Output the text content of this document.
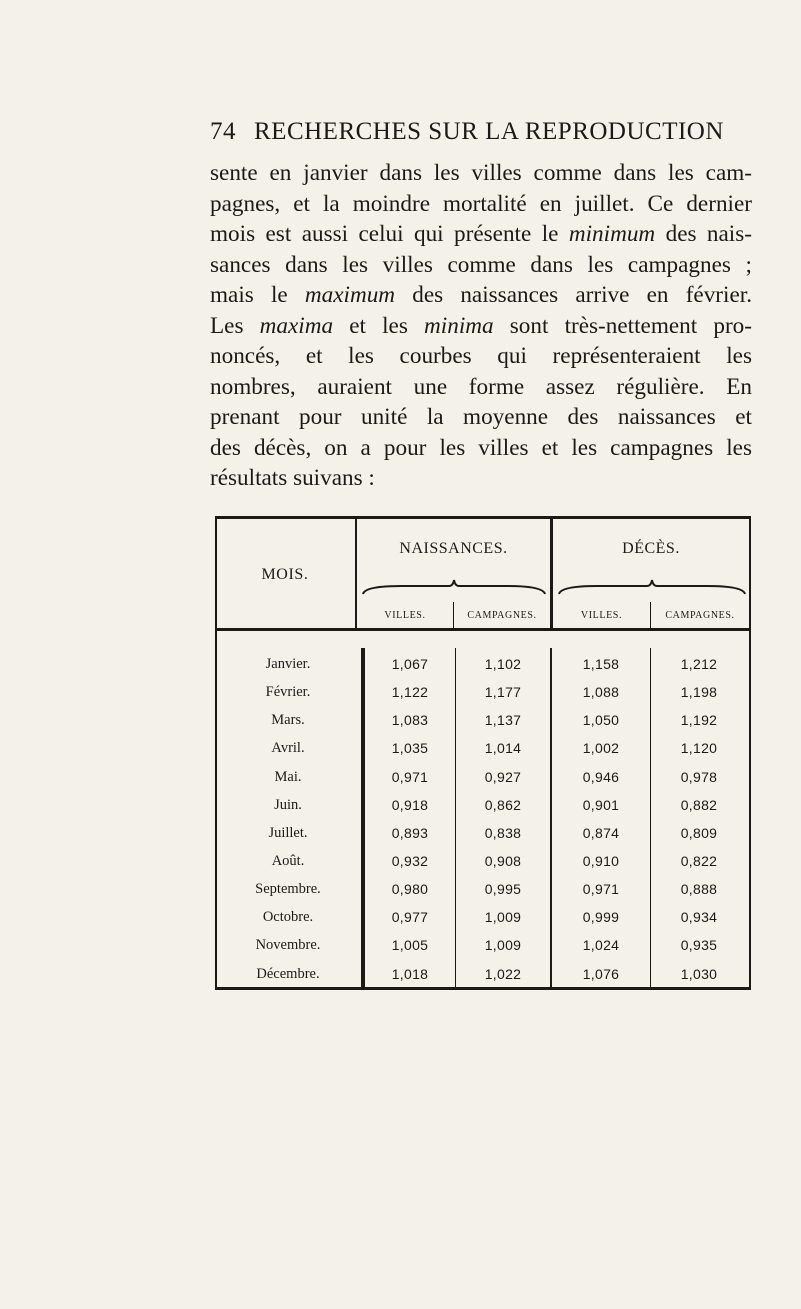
74 RECHERCHES SUR LA REPRODUCTION
sente en janvier dans les villes comme dans les cam-
pagnes, et la moindre mortalité en juillet. Ce dernier
mois est aussi celui qui présente le minimum des nais-
sances dans les villes comme dans les campagnes ;
mais le maximum des naissances arrive en février.
Les maxima et les minima sont très-nettement pro-
noncés, et les courbes qui représenteraient les
nombres, auraient une forme assez régulière. En
prenant pour unité la moyenne des naissances et
des décès, on a pour les villes et les campagnes les
résultats suivans :
MOIS.
NAISSANCES.	DÉCÈS.
VILLES.	CAMPAGNES.	VILLES.	CAMPAGNES.
Janvier.	1,067	1,102	1,158	1,212
Février.	1,122	1,177	1,088	1,198
Mars.	1,083	1,137	1,050	1,192
Avril.	1,035	1,014	1,002	1,120
Mai.	0,971	0,927	0,946	0,978
Juin.	0,918	0,862	0,901	0,882
Juillet.	0,893	0,838	0,874	0,809
Août.	0,932	0,908	0,910	0,822
Septembre.	0,980	0,995	0,971	0,888
Octobre.	0,977	1,009	0,999	0,934
Novembre.	1,005	1,009	1,024	0,935
Décembre.	1,018	1,022	1,076	1,030
